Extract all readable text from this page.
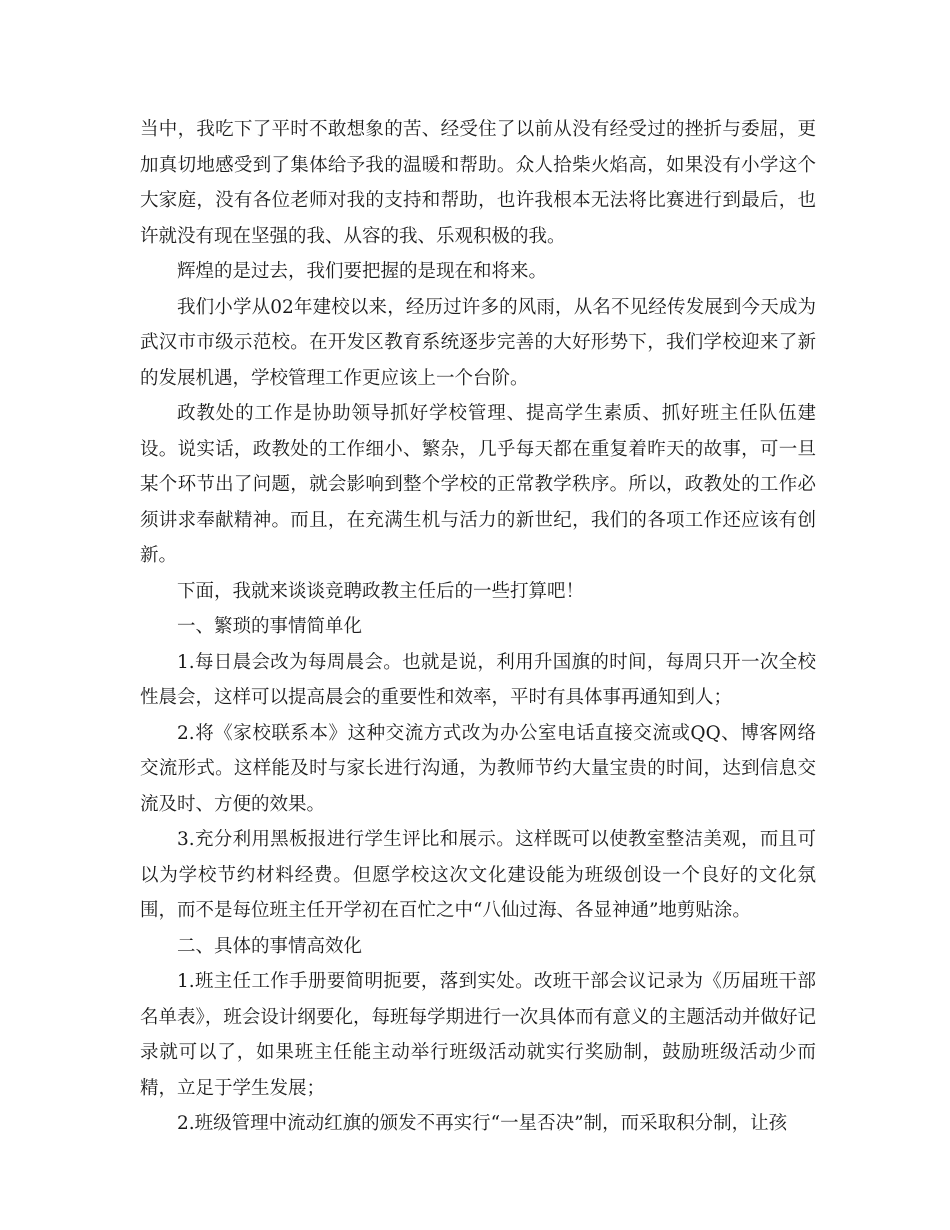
当中，我吃下了平时不敢想象的苦、经受住了以前从没有经受过的挫折与委屈，更加真切地感受到了集体给予我的温暖和帮助。众人拾柴火焰高，如果没有小学这个大家庭，没有各位老师对我的支持和帮助，也许我根本无法将比赛进行到最后，也许就没有现在坚强的我、从容的我、乐观积极的我。

辉煌的是过去，我们要把握的是现在和将来。

我们小学从02年建校以来，经历过许多的风雨，从名不见经传发展到今天成为武汉市市级示范校。在开发区教育系统逐步完善的大好形势下，我们学校迎来了新的发展机遇，学校管理工作更应该上一个台阶。

政教处的工作是协助领导抓好学校管理、提高学生素质、抓好班主任队伍建设。说实话，政教处的工作细小、繁杂，几乎每天都在重复着昨天的故事，可一旦某个环节出了问题，就会影响到整个学校的正常教学秩序。所以，政教处的工作必须讲求奉献精神。而且，在充满生机与活力的新世纪，我们的各项工作还应该有创新。

下面，我就来谈谈竞聘政教主任后的一些打算吧！

一、繁琐的事情简单化

1.每日晨会改为每周晨会。也就是说，利用升国旗的时间，每周只开一次全校性晨会，这样可以提高晨会的重要性和效率，平时有具体事再通知到人；

2.将《家校联系本》这种交流方式改为办公室电话直接交流或QQ、博客网络交流形式。这样能及时与家长进行沟通，为教师节约大量宝贵的时间，达到信息交流及时、方便的效果。

3.充分利用黑板报进行学生评比和展示。这样既可以使教室整洁美观，而且可以为学校节约材料经费。但愿学校这次文化建设能为班级创设一个良好的文化氛围，而不是每位班主任开学初在百忙之中“八仙过海、各显神通”地剪贴涂。

二、具体的事情高效化

1.班主任工作手册要简明扼要，落到实处。改班干部会议记录为《历届班干部名单表》，班会设计纲要化，每班每学期进行一次具体而有意义的主题活动并做好记录就可以了，如果班主任能主动举行班级活动就实行奖励制，鼓励班级活动少而精，立足于学生发展；

2.班级管理中流动红旗的颁发不再实行“一星否决”制，而采取积分制，让孩
